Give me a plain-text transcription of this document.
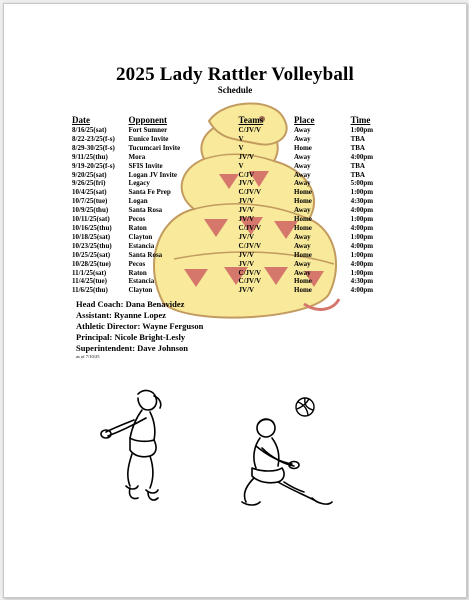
2025 Lady Rattler Volleyball
Schedule
Date	Opponent	Teams	Place	Time
8/16/25(sat)	Fort Sumner	C/JV/V	Away	1:00pm
8/22-23/25(f-s)	Eunice Invite	V	Away	TBA
8/29-30/25(f-s)	Tucumcari Invite	V	Home	TBA
9/11/25(thu)	Mora	JV/V	Away	4:00pm
9/19-20/25(f-s)	SFIS Invite	V	Away	TBA
9/20/25(sat)	Logan JV Invite	C/JV	Away	TBA
9/26/25(fri)	Legacy	JV/V	Away	5:00pm
10/4/25(sat)	Santa Fe Prep	C/JV/V	Home	1:00pm
10/7/25(tue)	Logan	JV/V	Home	4:30pm
10/9/25(thu)	Santa Rosa	JV/V	Away	4:00pm
10/11/25(sat)	Pecos	JV/V	Home	1:00pm
10/16/25(thu)	Raton	C/JV/V	Home	4:00pm
10/18/25(sat)	Clayton	JV/V	Away	1:00pm
10/23/25(thu)	Estancia	C/JV/V	Away	4:00pm
10/25/25(sat)	Santa Rosa	JV/V	Home	1:00pm
10/28/25(tue)	Pecos	JV/V	Away	4:00pm
11/1/25(sat)	Raton	C/JV/V	Away	1:00pm
11/4/25(tue)	Estancia	C/JV/V	Home	4:30pm
11/6/25(thu)	Clayton	JV/V	Home	4:00pm
Head Coach: Dana Benavidez
Assistant: Ryanne Lopez
Athletic Director: Wayne Ferguson
Principal: Nicole Bright-Lesly
Superintendent: Dave Johnson
as of 7/10/25
